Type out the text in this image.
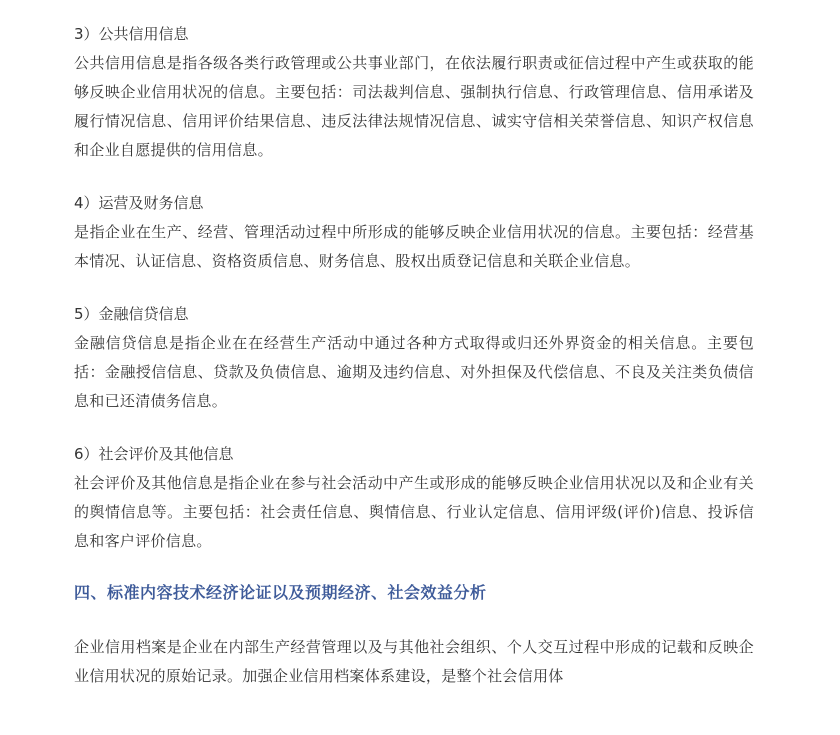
3）公共信用信息

公共信用信息是指各级各类行政管理或公共事业部门，在依法履行职责或征信过程中产生或获取的能够反映企业信用状况的信息。主要包括：司法裁判信息、强制执行信息、行政管理信息、信用承诺及履行情况信息、信用评价结果信息、违反法律法规情况信息、诚实守信相关荣誉信息、知识产权信息和企业自愿提供的信用信息。

4）运营及财务信息

是指企业在生产、经营、管理活动过程中所形成的能够反映企业信用状况的信息。主要包括：经营基本情况、认证信息、资格资质信息、财务信息、股权出质登记信息和关联企业信息。

5）金融信贷信息

金融信贷信息是指企业在在经营生产活动中通过各种方式取得或归还外界资金的相关信息。主要包括：金融授信信息、贷款及负债信息、逾期及违约信息、对外担保及代偿信息、不良及关注类负债信息和已还清债务信息。

6）社会评价及其他信息

社会评价及其他信息是指企业在参与社会活动中产生或形成的能够反映企业信用状况以及和企业有关的舆情信息等。主要包括：社会责任信息、舆情信息、行业认定信息、信用评级(评价)信息、投诉信息和客户评价信息。

四、标准内容技术经济论证以及预期经济、社会效益分析

企业信用档案是企业在内部生产经营管理以及与其他社会组织、个人交互过程中形成的记载和反映企业信用状况的原始记录。加强企业信用档案体系建设，是整个社会信用体
